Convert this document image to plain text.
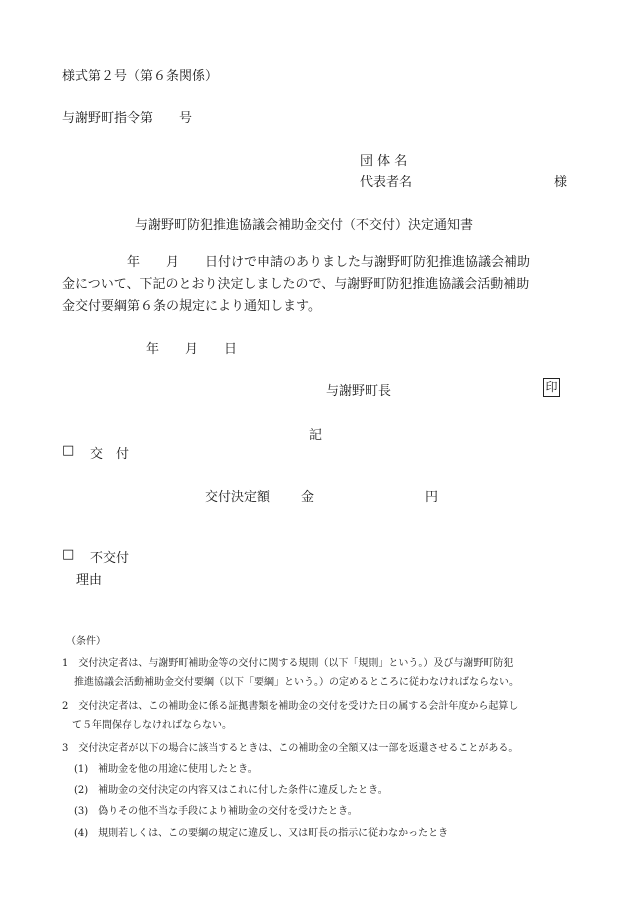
様式第２号（第６条関係）
与謝野町指令第　　号
団 体 名
代表者名	様
与謝野町防犯推進協議会補助金交付（不交付）決定通知書
　　　　　年　　月　　日付けで申請のありました与謝野町防犯推進協議会補助
金について、下記のとおり決定しましたので、与謝野町防犯推進協議会活動補助
金交付要綱第６条の規定により通知します。
年　　月　　日
与謝野町長	印
記
□ 交　付
交付決定額 金	円
□ 不交付
理由
（条件）
1　交付決定者は、与謝野町補助金等の交付に関する規則（以下「規則」という。）及び与謝野町防犯
推進協議会活動補助金交付要綱（以下「要綱」という。）の定めるところに従わなければならない。
2　交付決定者は、この補助金に係る証拠書類を補助金の交付を受けた日の属する会計年度から起算し
て５年間保存しなければならない。
3　交付決定者が以下の場合に該当するときは、この補助金の全額又は一部を返還させることがある。
(1)　補助金を他の用途に使用したとき。
(2)　補助金の交付決定の内容又はこれに付した条件に違反したとき。
(3)　偽りその他不当な手段により補助金の交付を受けたとき。
(4)　規則若しくは、この要綱の規定に違反し、又は町長の指示に従わなかったとき
